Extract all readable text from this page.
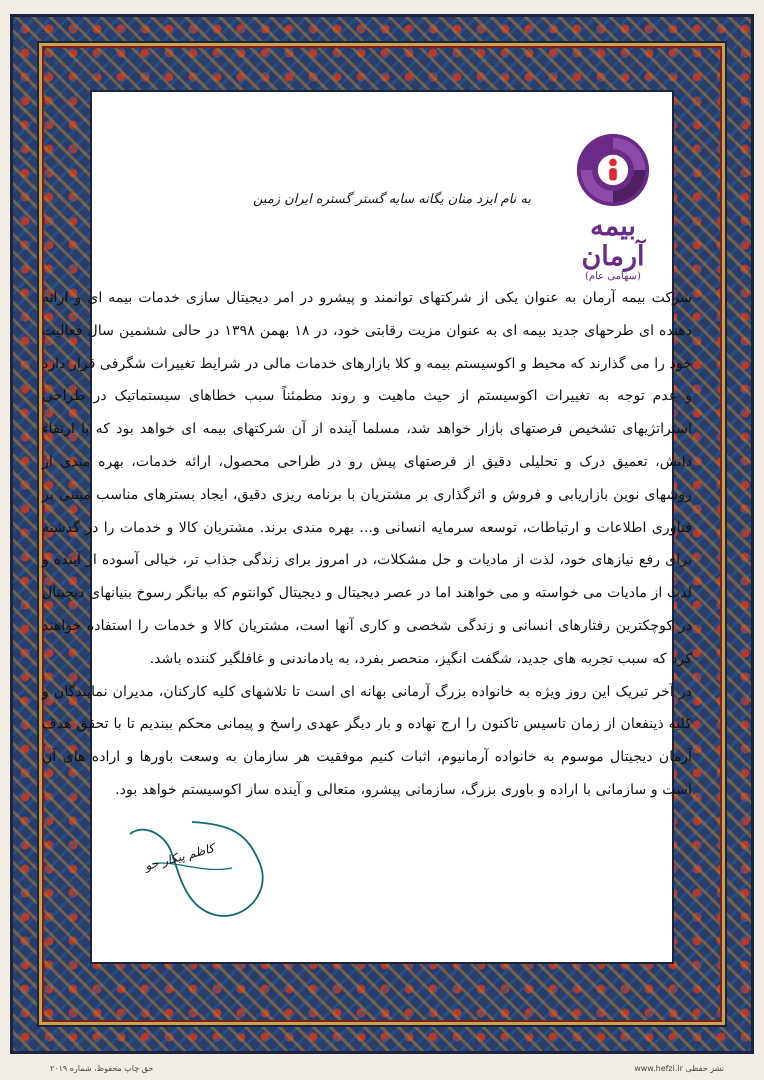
بیمه آرمان
(سهامی عام)
به نام ایزد منان یگانه سایه گستر گستره ایران زمین

شرکت بیمه آرمان به عنوان یکی از شرکتهای توانمند و پیشرو در امر دیجیتال سازی خدمات بیمه ای و ارائه دهنده ای طرحهای جدید بیمه ای به عنوان مزیت رقابتی خود، در ۱۸ بهمن ۱۳۹۸ در حالی ششمین سال فعالیت خود را می گذارند که محیط و اکوسیستم بیمه و کلا بازارهای خدمات مالی در شرایط تغییرات شگرفی قرار دارد و عدم توجه به تغییرات اکوسیستم از حیث ماهیت و روند مطمئناً سبب خطاهای سیستماتیک در طراحی استراتژیهای تشخیص فرصتهای بازار خواهد شد، مسلما آینده از آن شرکتهای بیمه ای خواهد بود که با ارتقاء دانش، تعمیق درک و تحلیلی دقیق از فرصتهای پیش رو در طراحی محصول، ارائه خدمات، بهره مندی از روشهای نوین بازاریابی و فروش و اثرگذاری بر مشتریان با برنامه ریزی دقیق، ایجاد بسترهای مناسب مبتنی بر فناوری اطلاعات و ارتباطات، توسعه سرمایه انسانی و... بهره مندی برند. مشتریان کالا و خدمات را در گذشته برای رفع نیازهای خود، لذت از مادیات و حل مشکلات، در امروز برای زندگی جذاب تر، خیالی آسوده از آینده و لذت از مادیات می خواسته و می خواهند اما در عصر دیجیتال و دیجیتال کوانتوم که بیانگر رسوخ بنیانهای دیجیتال در کوچکترین رفتارهای انسانی و زندگی شخصی و کاری آنها است، مشتریان کالا و خدمات را استفاده خواهند کرد که سبب تجربه های جدید، شگفت انگیز، منحصر بفرد، به یادماندنی و غافلگیر کننده باشد.

در آخر تبریک این روز ویژه به خانواده بزرگ آرمانی بهانه ای است تا تلاشهای کلیه کارکنان، مدیران نمایندگان و کلیه ذینفعان از زمان تاسیس تاکنون را ارج نهاده و بار دیگر عهدی راسخ و پیمانی محکم ببندیم تا با تحقق هدف آرمان دیجیتال موسوم به خانواده آرمانیوم، اثبات کنیم موفقیت هر سازمان به وسعت باورها و اراده های آن است و سازمانی با اراده و باوری بزرگ، سازمانی پیشرو، متعالی و آینده ساز اکوسیستم خواهد بود.

کاظم پیکار جو
حق چاپ محفوظ، شماره ۲۰۱۹	www.hefzi.ir نشر حفظی
